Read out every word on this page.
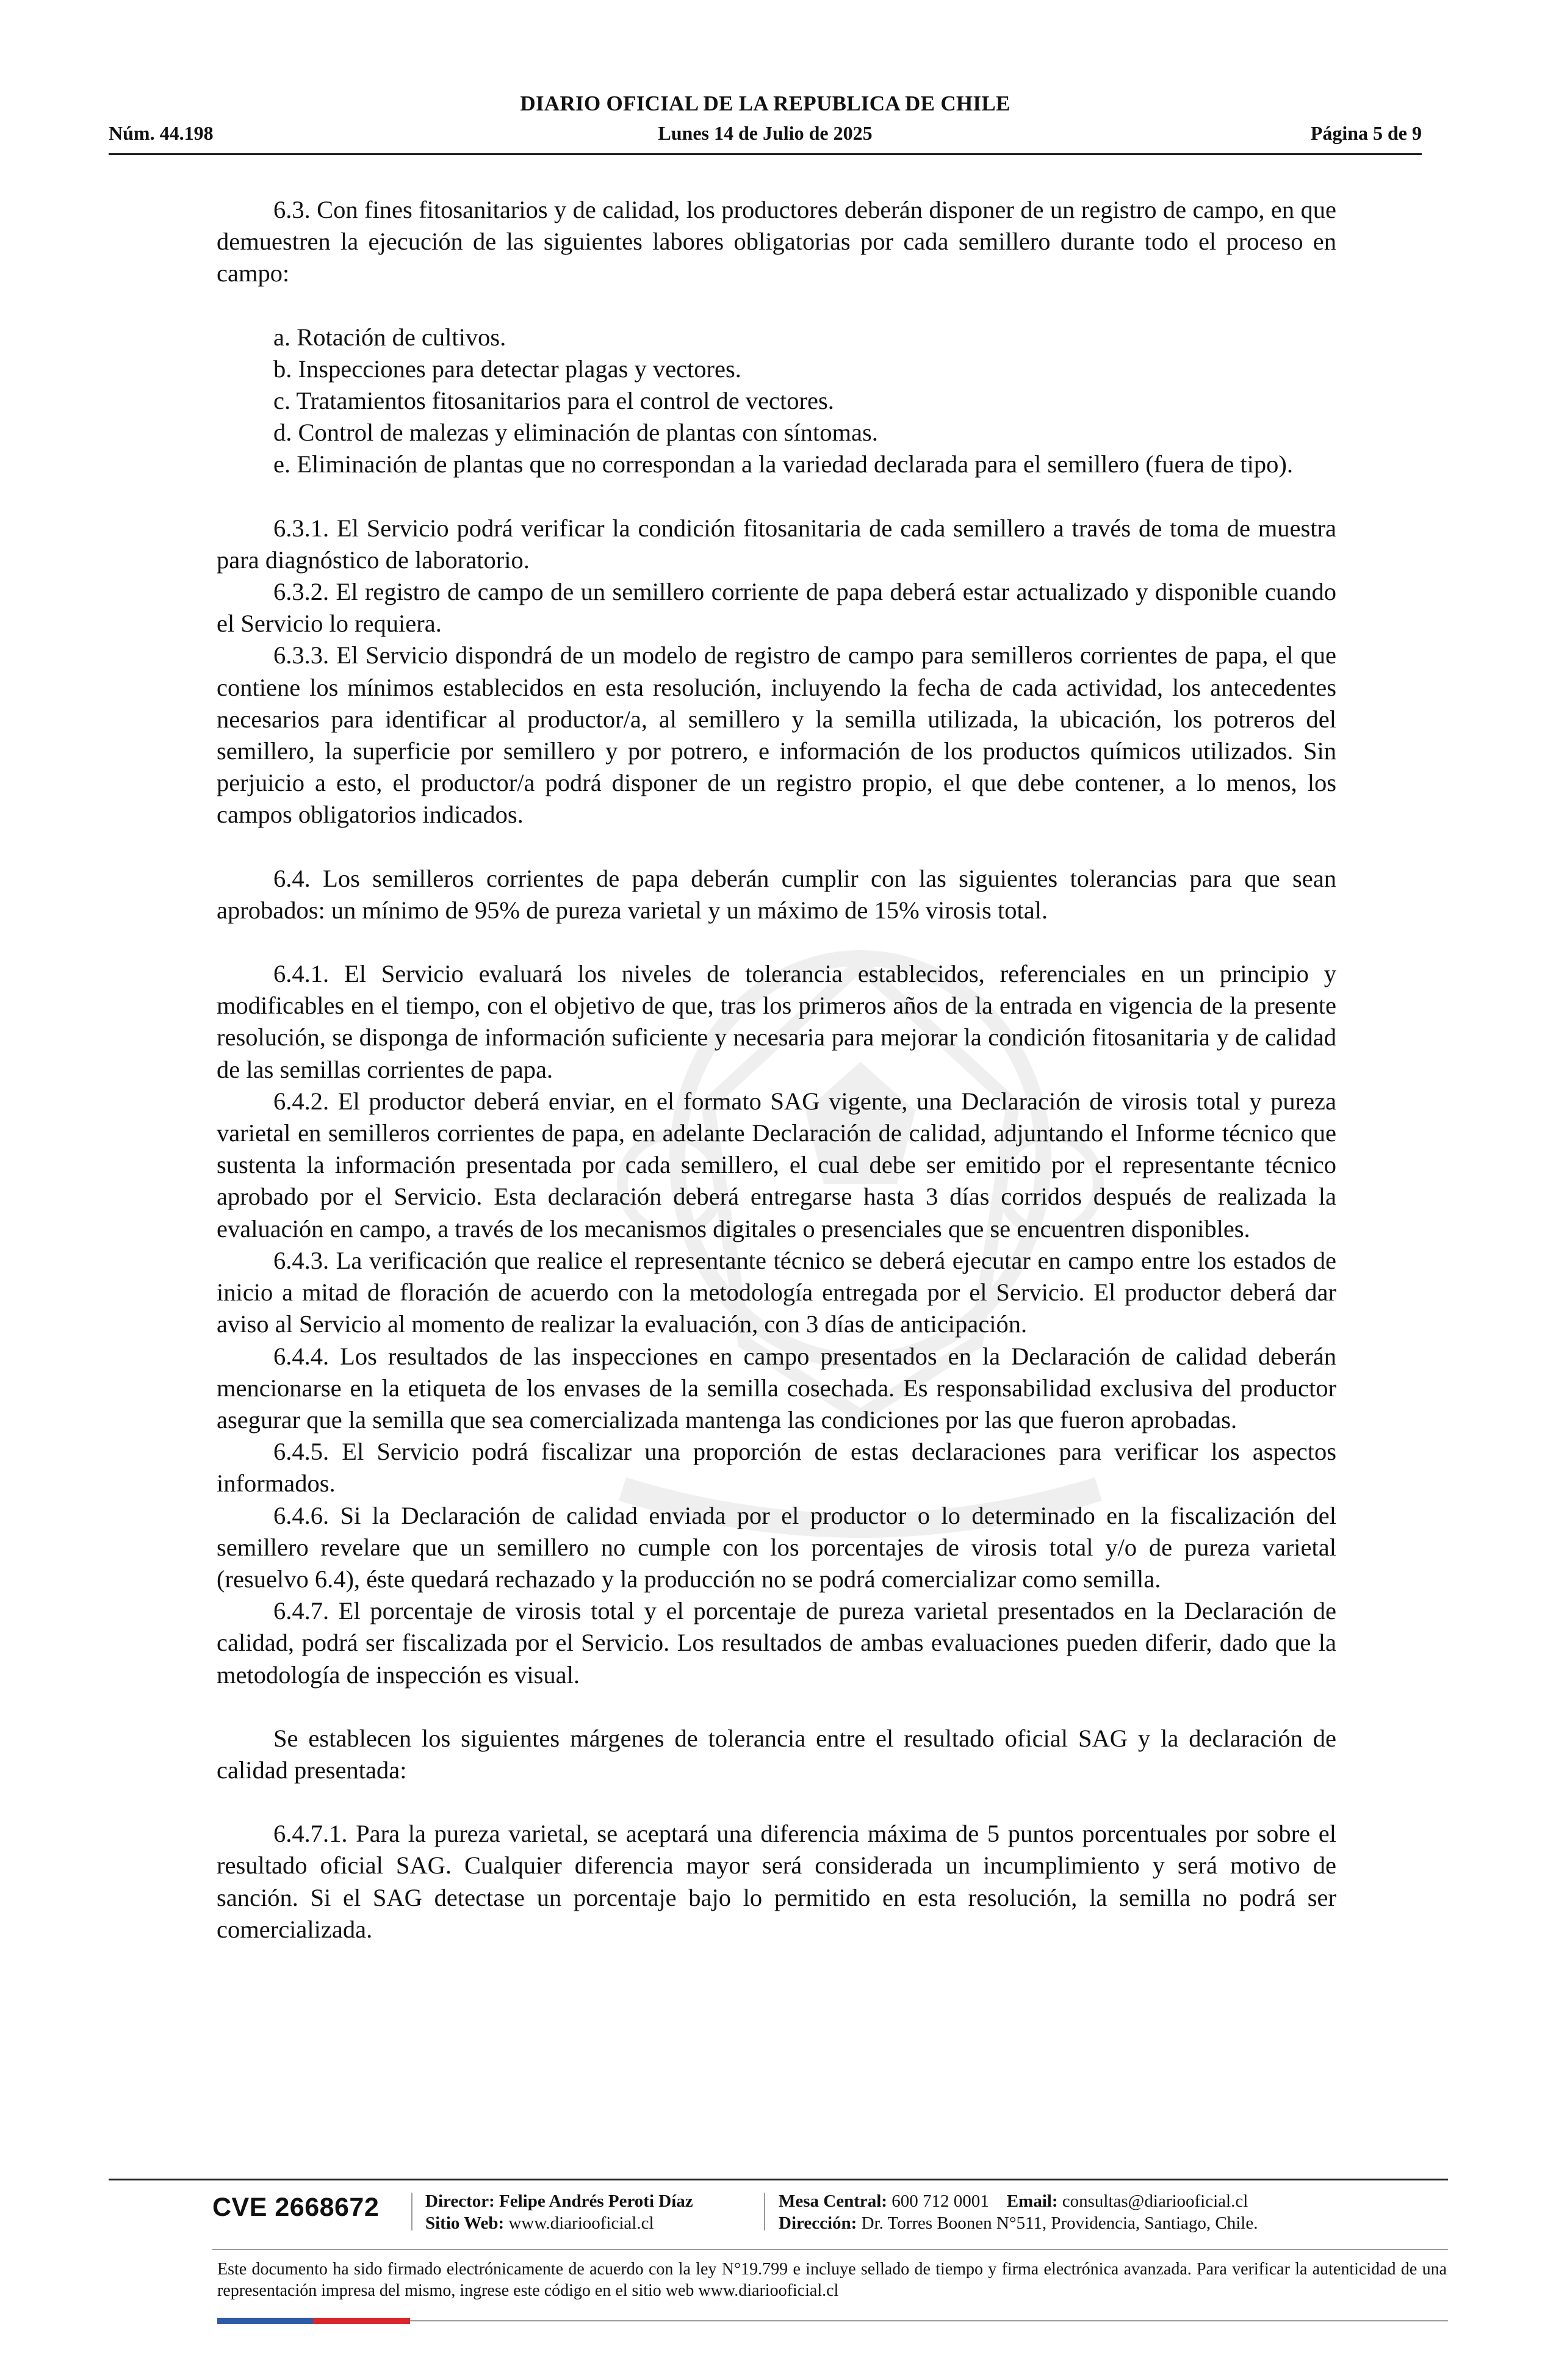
DIARIO OFICIAL DE LA REPUBLICA DE CHILE
Núm. 44.198	Lunes 14 de Julio de 2025	Página 5 de 9

6.3. Con fines fitosanitarios y de calidad, los productores deberán disponer de un registro de campo, en que demuestren la ejecución de las siguientes labores obligatorias por cada semillero durante todo el proceso en campo:

a. Rotación de cultivos.

b. Inspecciones para detectar plagas y vectores.

c. Tratamientos fitosanitarios para el control de vectores.

d. Control de malezas y eliminación de plantas con síntomas.

e. Eliminación de plantas que no correspondan a la variedad declarada para el semillero (fuera de tipo).

6.3.1. El Servicio podrá verificar la condición fitosanitaria de cada semillero a través de toma de muestra para diagnóstico de laboratorio.

6.3.2. El registro de campo de un semillero corriente de papa deberá estar actualizado y disponible cuando el Servicio lo requiera.

6.3.3. El Servicio dispondrá de un modelo de registro de campo para semilleros corrientes de papa, el que contiene los mínimos establecidos en esta resolución, incluyendo la fecha de cada actividad, los antecedentes necesarios para identificar al productor/a, al semillero y la semilla utilizada, la ubicación, los potreros del semillero, la superficie por semillero y por potrero, e información de los productos químicos utilizados. Sin perjuicio a esto, el productor/a podrá disponer de un registro propio, el que debe contener, a lo menos, los campos obligatorios indicados.

6.4. Los semilleros corrientes de papa deberán cumplir con las siguientes tolerancias para que sean aprobados: un mínimo de 95% de pureza varietal y un máximo de 15% virosis total.

6.4.1. El Servicio evaluará los niveles de tolerancia establecidos, referenciales en un principio y modificables en el tiempo, con el objetivo de que, tras los primeros años de la entrada en vigencia de la presente resolución, se disponga de información suficiente y necesaria para mejorar la condición fitosanitaria y de calidad de las semillas corrientes de papa.

6.4.2. El productor deberá enviar, en el formato SAG vigente, una Declaración de virosis total y pureza varietal en semilleros corrientes de papa, en adelante Declaración de calidad, adjuntando el Informe técnico que sustenta la información presentada por cada semillero, el cual debe ser emitido por el representante técnico aprobado por el Servicio. Esta declaración deberá entregarse hasta 3 días corridos después de realizada la evaluación en campo, a través de los mecanismos digitales o presenciales que se encuentren disponibles.

6.4.3. La verificación que realice el representante técnico se deberá ejecutar en campo entre los estados de inicio a mitad de floración de acuerdo con la metodología entregada por el Servicio. El productor deberá dar aviso al Servicio al momento de realizar la evaluación, con 3 días de anticipación.

6.4.4. Los resultados de las inspecciones en campo presentados en la Declaración de calidad deberán mencionarse en la etiqueta de los envases de la semilla cosechada. Es responsabilidad exclusiva del productor asegurar que la semilla que sea comercializada mantenga las condiciones por las que fueron aprobadas.

6.4.5. El Servicio podrá fiscalizar una proporción de estas declaraciones para verificar los aspectos informados.

6.4.6. Si la Declaración de calidad enviada por el productor o lo determinado en la fiscalización del semillero revelare que un semillero no cumple con los porcentajes de virosis total y/o de pureza varietal (resuelvo 6.4), éste quedará rechazado y la producción no se podrá comercializar como semilla.

6.4.7. El porcentaje de virosis total y el porcentaje de pureza varietal presentados en la Declaración de calidad, podrá ser fiscalizada por el Servicio. Los resultados de ambas evaluaciones pueden diferir, dado que la metodología de inspección es visual.

Se establecen los siguientes márgenes de tolerancia entre el resultado oficial SAG y la declaración de calidad presentada:

6.4.7.1. Para la pureza varietal, se aceptará una diferencia máxima de 5 puntos porcentuales por sobre el resultado oficial SAG. Cualquier diferencia mayor será considerada un incumplimiento y será motivo de sanción. Si el SAG detectase un porcentaje bajo lo permitido en esta resolución, la semilla no podrá ser comercializada.

CVE 2668672	Director: Felipe Andrés Peroti Díaz
Sitio Web: www.diariooficial.cl
Mesa Central: 600 712 0001 Email: consultas@diariooficial.cl
Dirección: Dr. Torres Boonen N°511, Providencia, Santiago, Chile.
Este documento ha sido firmado electrónicamente de acuerdo con la ley N°19.799 e incluye sellado de tiempo y firma electrónica avanzada. Para verificar la autenticidad de una representación impresa del mismo, ingrese este código en el sitio web www.diariooficial.cl
